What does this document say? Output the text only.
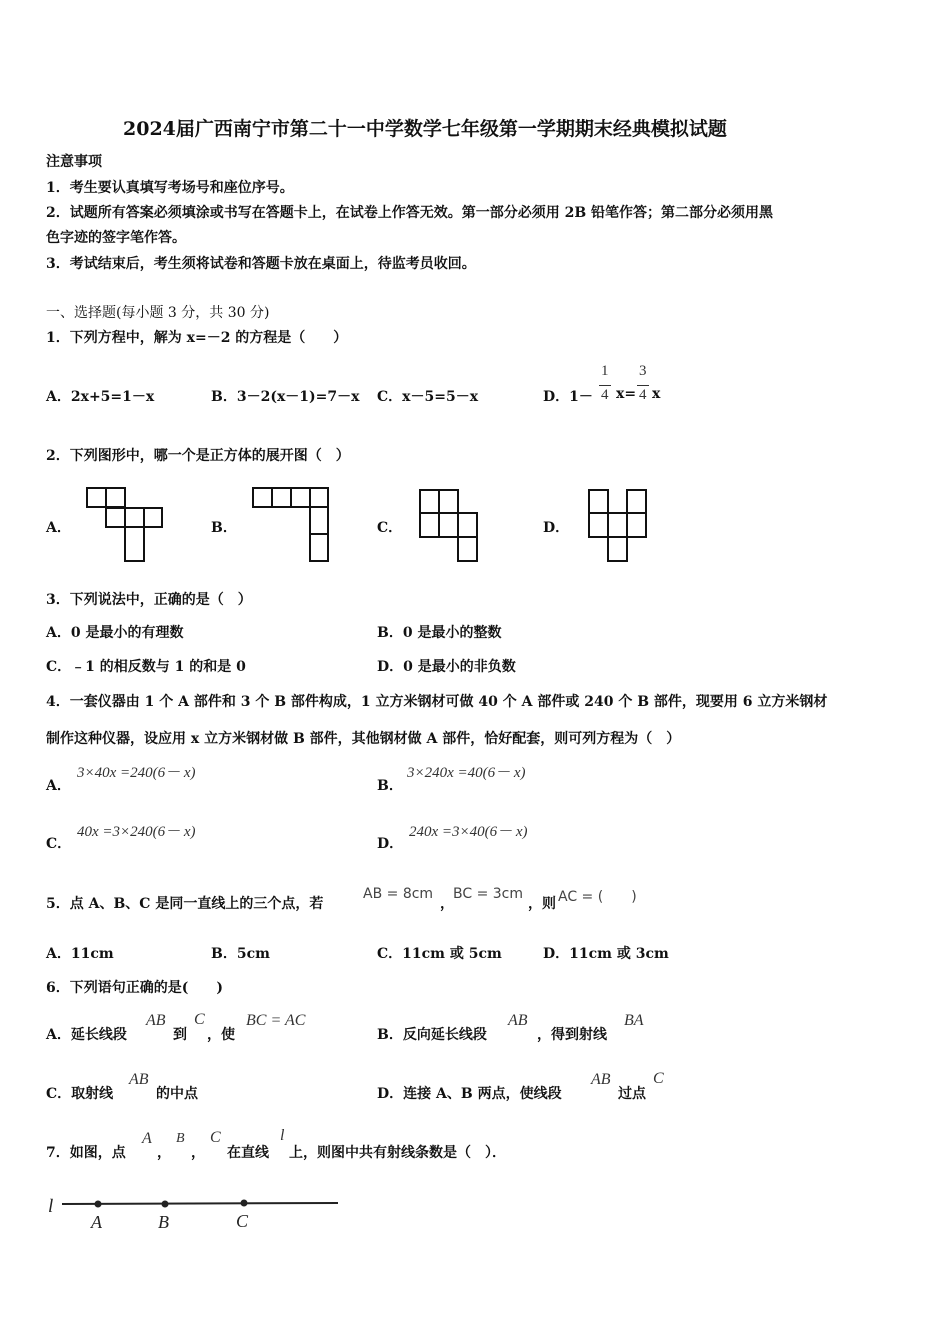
2024届广西南宁市第二十一中学数学七年级第一学期期末经典模拟试题
注意事项
1．考生要认真填写考场号和座位序号。
2．试题所有答案必须填涂或书写在答题卡上，在试卷上作答无效。第一部分必须用 2B 铅笔作答；第二部分必须用黑
色字迹的签字笔作答。
3．考试结束后，考生须将试卷和答题卡放在桌面上，待监考员收回。
一、选择题(每小题 3 分，共 30 分)
1．下列方程中，解为 x=－2 的方程是（　　）
A．2x+5=1－x	B．3－2(x－1)=7－x C．x－5=5－x	D．1－
1
4 x=
3
4 x
2．下列图形中，哪一个是正方体的展开图（　）
A．	B．	C．	D．
3．下列说法中，正确的是（　）
A．0 是最小的有理数	B．0 是最小的整数
C．﹣1 的相反数与 1 的和是 0	D．0 是最小的非负数
4．一套仪器由 1 个 A 部件和 3 个 B 部件构成，1 立方米钢材可做 40 个 A 部件或 240 个 B 部件，现要用 6 立方米钢材
制作这种仪器，设应用 x 立方米钢材做 B 部件，其他钢材做 A 部件，恰好配套，则可列方程为（　）
A．
3×40x =240(6－ x)
B．
3×240x =40(6－ x)
C．
40x =3×240(6－ x)
D．
240x =3×40(6－ x)
5．点 A、B、C 是同一直线上的三个点，若
AB = 8cm
，
BC = 3cm
，则 AC = (　　)
A．11cm	B．5cm	C．11cm 或 5cm	D．11cm 或 3cm
6．下列语句正确的是(　　)
A．延长线段
AB
到
C
，使
BC = AC
B．反向延长线段
AB
，得到射线
BA
C．取射线
AB
的中点	D．连接 A、B 两点，使线段
AB
过点
C
7．如图，点
A
，
B
，
C
在直线
l
上，则图中共有射线条数是（　）．
l
A	B	C
